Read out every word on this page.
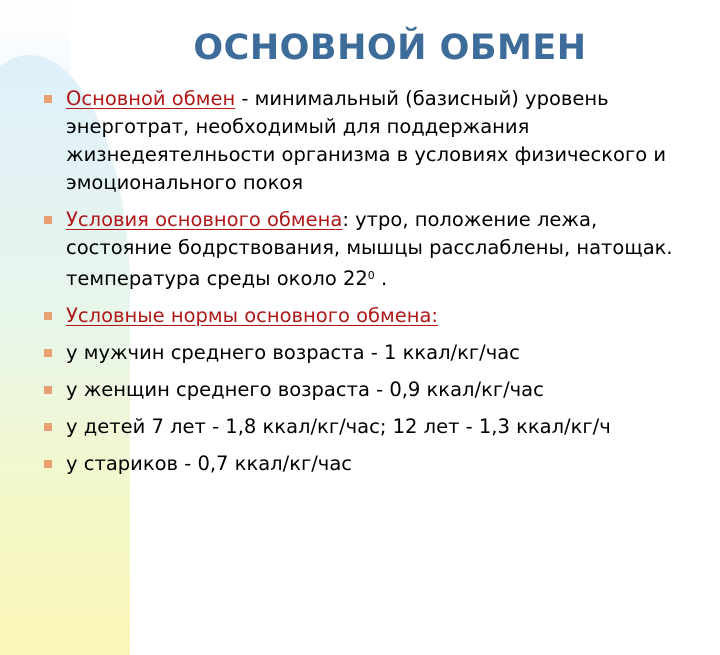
ОСНОВНОЙ ОБМЕН
Основной обмен - минимальный (базисный) уровень энерготрат, необходимый для поддержания жизнедеятелньости организма в условиях физического и эмоционального покоя
Условия основного обмена: утро, положение лежа, состояние бодрствования, мышцы расслаблены, натощак. температура среды около $22^0$ .
Условные нормы основного обмена:
у мужчин среднего возраста - 1 ккал/кг/час
у женщин среднего возраста - 0,9 ккал/кг/час
у детей 7 лет - 1,8 ккал/кг/час; 12 лет - 1,3 ккал/кг/ч
у стариков - 0,7 ккал/кг/час
